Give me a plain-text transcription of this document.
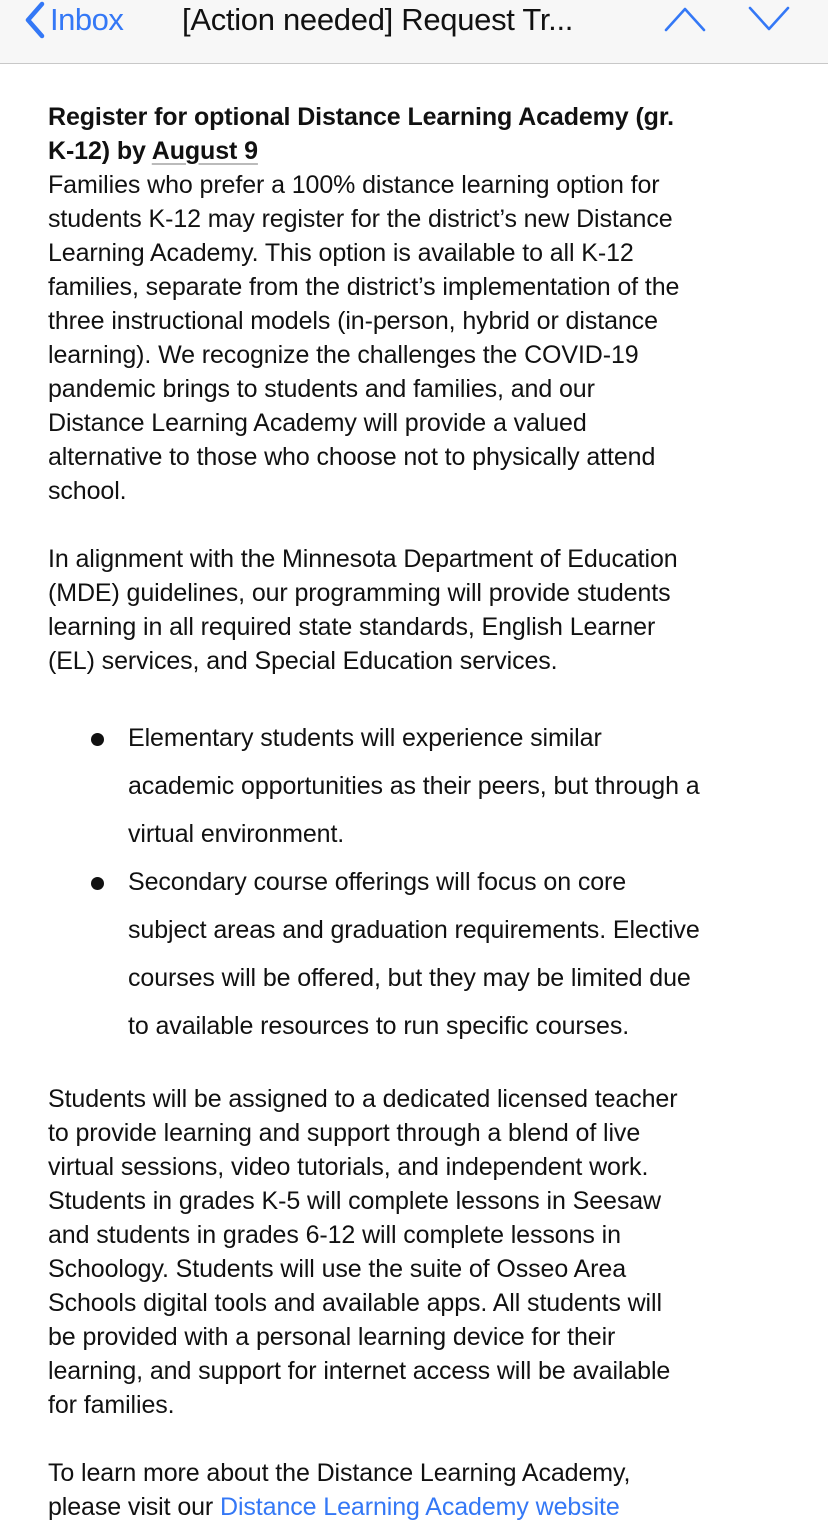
Inbox [Action needed] Request Tr...
Register for optional Distance Learning Academy (gr.
K-12) by August 9
Families who prefer a 100% distance learning option for
students K-12 may register for the district’s new Distance
Learning Academy. This option is available to all K-12
families, separate from the district’s implementation of the
three instructional models (in-person, hybrid or distance
learning). We recognize the challenges the COVID-19
pandemic brings to students and families, and our
Distance Learning Academy will provide a valued
alternative to those who choose not to physically attend
school.
In alignment with the Minnesota Department of Education
(MDE) guidelines, our programming will provide students
learning in all required state standards, English Learner
(EL) services, and Special Education services.
Elementary students will experience similar
academic opportunities as their peers, but through a
virtual environment.
Secondary course offerings will focus on core
subject areas and graduation requirements. Elective
courses will be offered, but they may be limited due
to available resources to run specific courses.
Students will be assigned to a dedicated licensed teacher
to provide learning and support through a blend of live
virtual sessions, video tutorials, and independent work.
Students in grades K-5 will complete lessons in Seesaw
and students in grades 6-12 will complete lessons in
Schoology. Students will use the suite of Osseo Area
Schools digital tools and available apps. All students will
be provided with a personal learning device for their
learning, and support for internet access will be available
for families.
To learn more about the Distance Learning Academy,
please visit our Distance Learning Academy website
